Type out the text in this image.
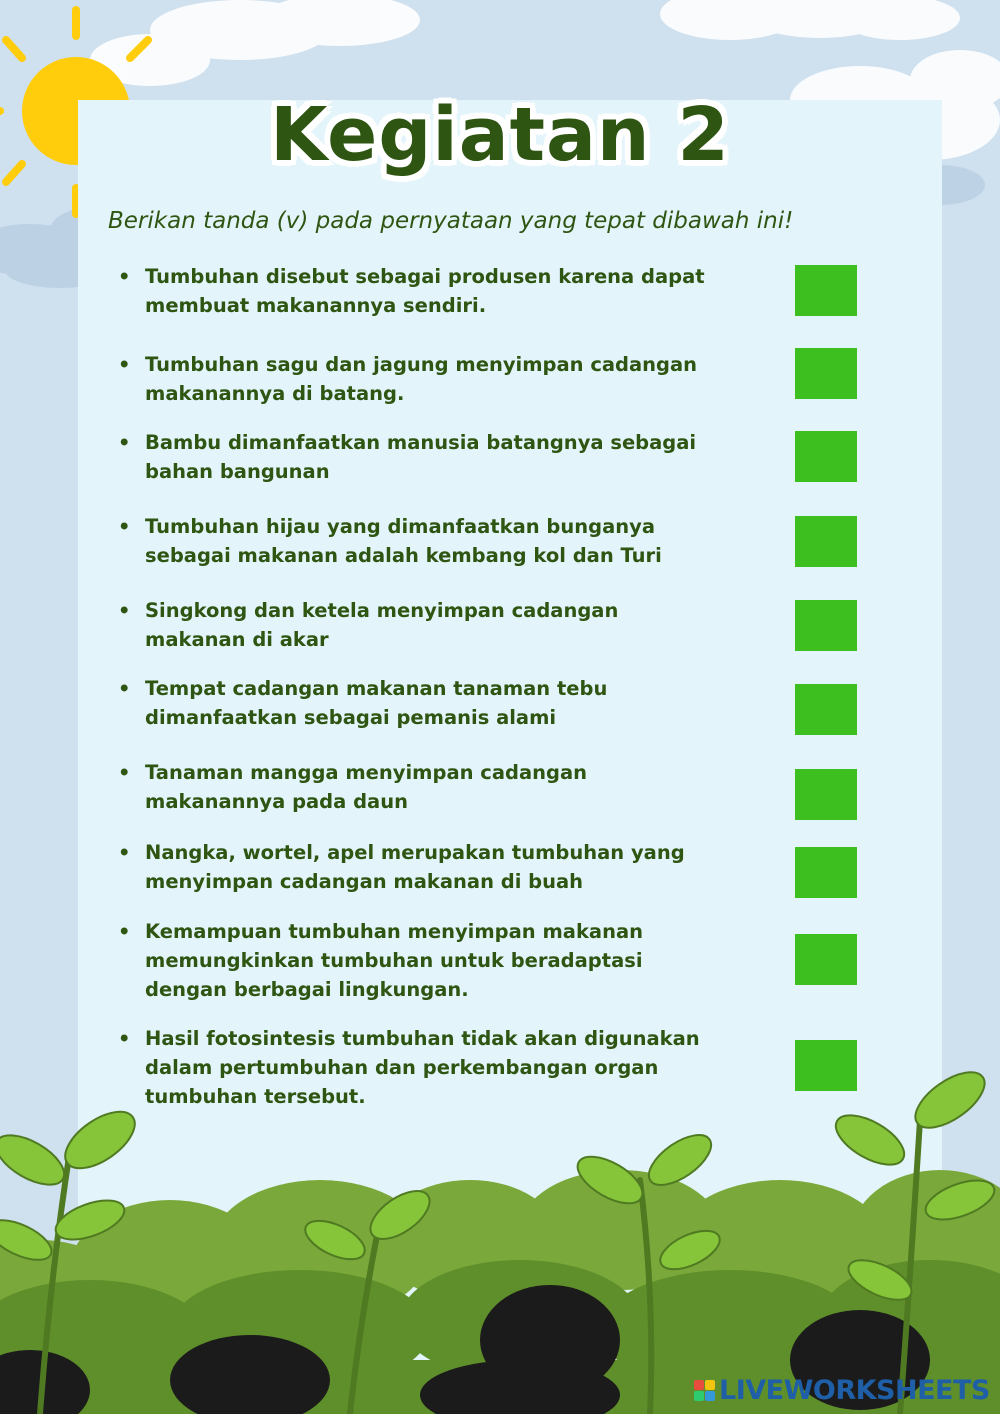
Kegiatan 2
Berikan tanda (v) pada pernyataan yang tepat dibawah ini!
• Tumbuhan disebut sebagai produsen karena dapat membuat makanannya sendiri.
• Tumbuhan sagu dan jagung menyimpan cadangan makanannya di batang.
• Bambu dimanfaatkan manusia batangnya sebagai bahan bangunan
• Tumbuhan hijau yang dimanfaatkan bunganya sebagai makanan adalah kembang kol dan Turi
• Singkong dan ketela menyimpan cadangan makanan di akar
• Tempat cadangan makanan tanaman tebu dimanfaatkan sebagai pemanis alami
• Tanaman mangga menyimpan cadangan makanannya pada daun
• Nangka, wortel, apel merupakan tumbuhan yang menyimpan cadangan makanan di buah
• Kemampuan tumbuhan menyimpan makanan memungkinkan tumbuhan untuk beradaptasi dengan berbagai lingkungan.
• Hasil fotosintesis tumbuhan tidak akan digunakan dalam pertumbuhan dan perkembangan organ tumbuhan tersebut.
LIVEWORKSHEETS
